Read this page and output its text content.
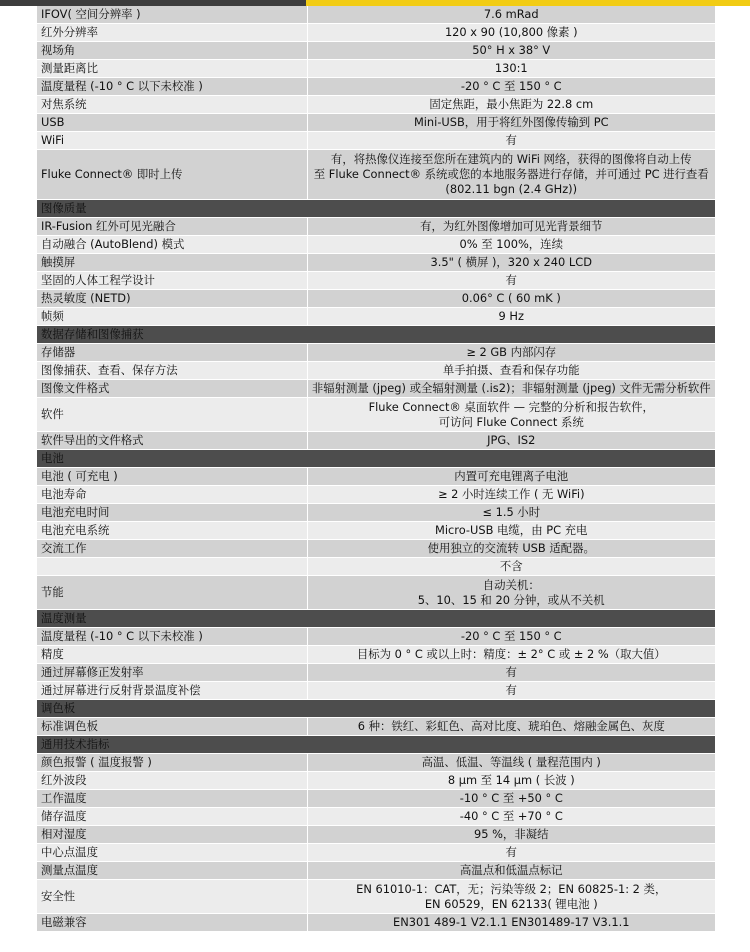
IFOV( 空间分辨率 )	7.6 mRad

红外分辨率	120 x 90 (10,800 像素 )

视场角	50° H x 38° V

测量距离比	130:1

温度量程 (-10 ° C 以下未校准 )	-20 ° C 至 150 ° C

对焦系统	固定焦距，最小焦距为 22.8 cm

USB	Mini-USB，用于将红外图像传输到 PC

WiFi	有

Fluke Connect® 即时上传	有，将热像仪连接至您所在建筑内的 WiFi 网络，获得的图像将自动上传
至 Fluke Connect® 系统或您的本地服务器进行存储，并可通过 PC 进行查看
(802.11 bgn (2.4 GHz))

图像质量	
IR-Fusion 红外可见光融合	有，为红外图像增加可见光背景细节

自动融合 (AutoBlend) 模式	0% 至 100%，连续

触摸屏	3.5" ( 横屏 )，320 x 240 LCD

坚固的人体工程学设计	有

热灵敏度 (NETD)	0.06° C ( 60 mK )

帧频	9 Hz

数据存储和图像捕获	
存储器	≥ 2 GB 内部闪存

图像捕获、查看、保存方法	单手拍摄、查看和保存功能

图像文件格式	非辐射测量 (jpeg) 或全辐射测量 (.is2)；非辐射测量 (jpeg) 文件无需分析软件

软件	Fluke Connect® 桌面软件 — 完整的分析和报告软件，
可访问 Fluke Connect 系统

软件导出的文件格式	JPG、IS2

电池	
电池 ( 可充电 )	内置可充电锂离子电池

电池寿命	≥ 2 小时连续工作 ( 无 WiFi)

电池充电时间	≤ 1.5 小时

电池充电系统	Micro-USB 电缆，由 PC 充电

交流工作	使用独立的交流转 USB 适配器。

	不含

节能	自动关机：
5、10、15 和 20 分钟，或从不关机

温度测量	
温度量程 (-10 ° C 以下未校准 )	-20 ° C 至 150 ° C

精度	目标为 0 ° C 或以上时：精度：± 2° C 或 ± 2 %（取大值）

通过屏幕修正发射率	有

通过屏幕进行反射背景温度补偿	有

调色板	
标准调色板	6 种：铁红、彩虹色、高对比度、琥珀色、熔融金属色、灰度

通用技术指标	
颜色报警 ( 温度报警 )	高温、低温、等温线 ( 量程范围内 )

红外波段	8 μm 至 14 μm ( 长波 )

工作温度	-10 ° C 至 +50 ° C

储存温度	-40 ° C 至 +70 ° C

相对湿度	95 %，非凝结

中心点温度	有

测量点温度	高温点和低温点标记

安全性	EN 61010-1：CAT，无；污染等级 2；EN 60825-1: 2 类，
EN 60529，EN 62133( 锂电池 )

电磁兼容	EN301 489-1 V2.1.1 EN301489-17 V3.1.1
